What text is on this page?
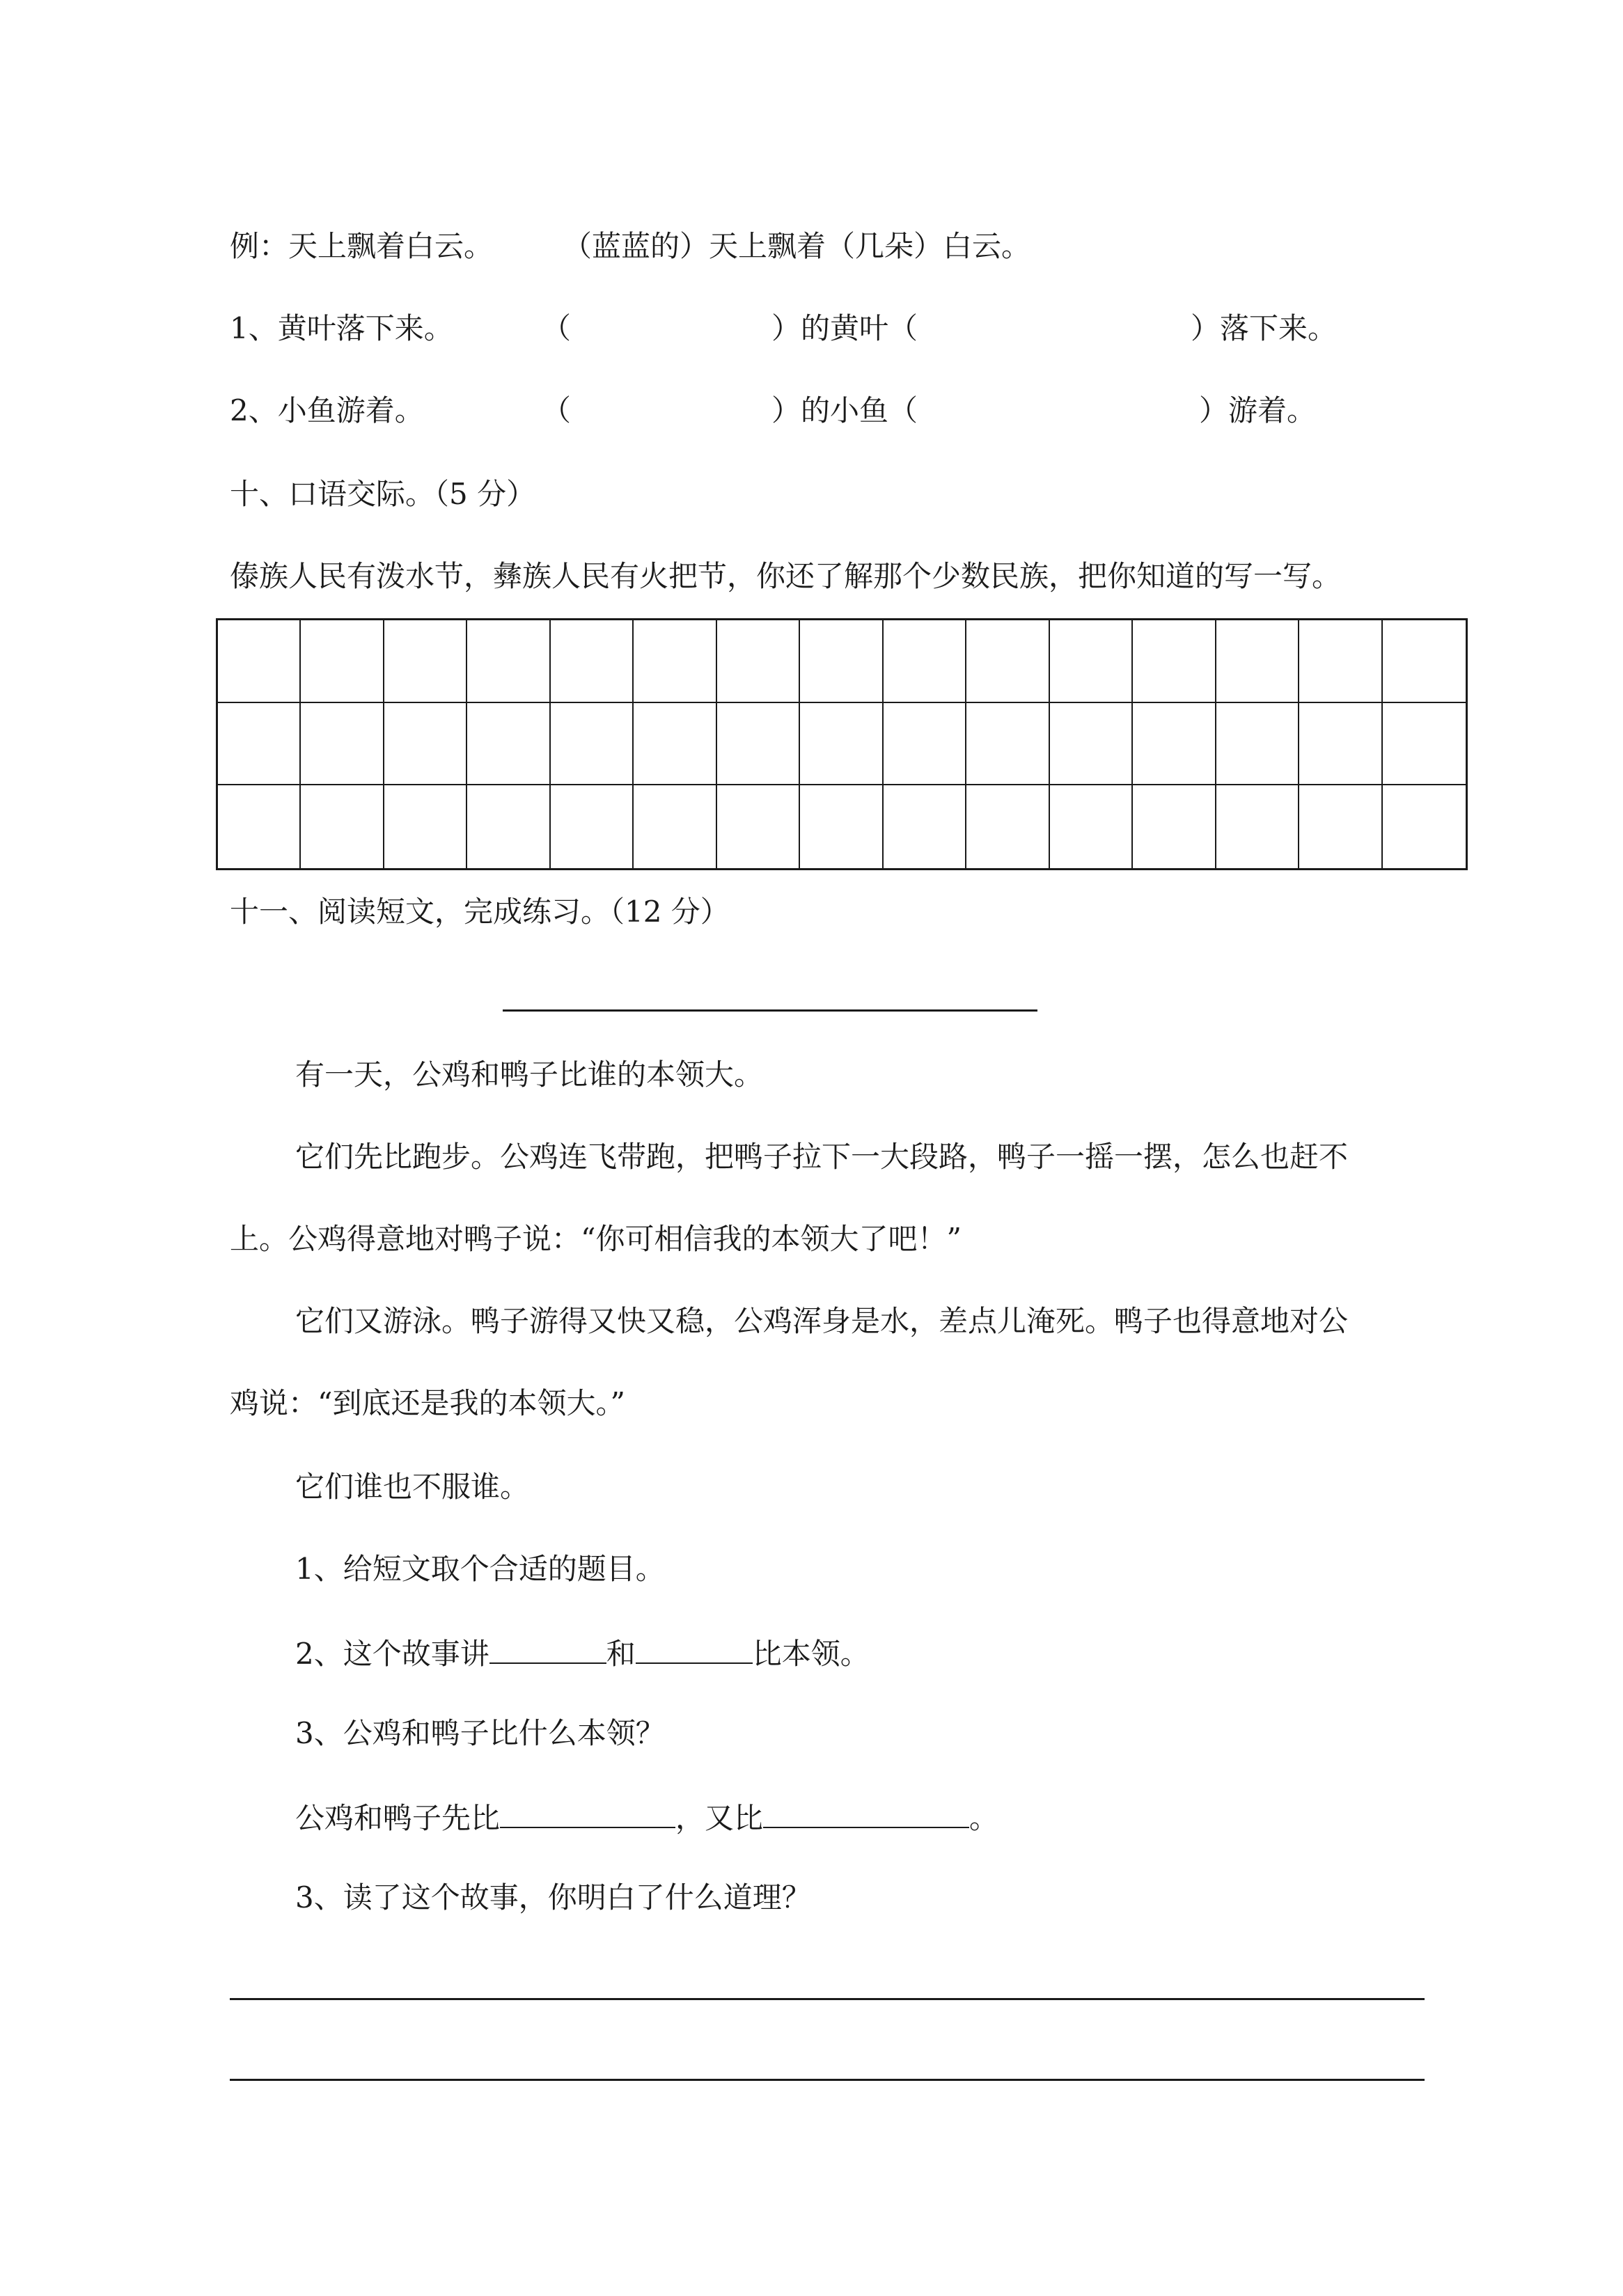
例：天上飘着白云。 （蓝蓝的）天上飘着（几朵）白云。
1、黄叶落下来。	（	）的黄叶（	）落下来。
2、小鱼游着。	（	）的小鱼（	）游着。
十、口语交际。（5 分）
傣族人民有泼水节，彝族人民有火把节，你还了解那个少数民族，把你知道的写一写。
十一、阅读短文，完成练习。（12 分）
有一天，公鸡和鸭子比谁的本领大。
它们先比跑步。公鸡连飞带跑，把鸭子拉下一大段路，鸭子一摇一摆，怎么也赶不
上。公鸡得意地对鸭子说：“你可相信我的本领大了吧！”
它们又游泳。鸭子游得又快又稳，公鸡浑身是水，差点儿淹死。鸭子也得意地对公
鸡说：“到底还是我的本领大。”
它们谁也不服谁。
1、给短文取个合适的题目。
2、这个故事讲	和	比本领。
3、公鸡和鸭子比什么本领？
公鸡和鸭子先比	，又比	。
3、读了这个故事，你明白了什么道理？
